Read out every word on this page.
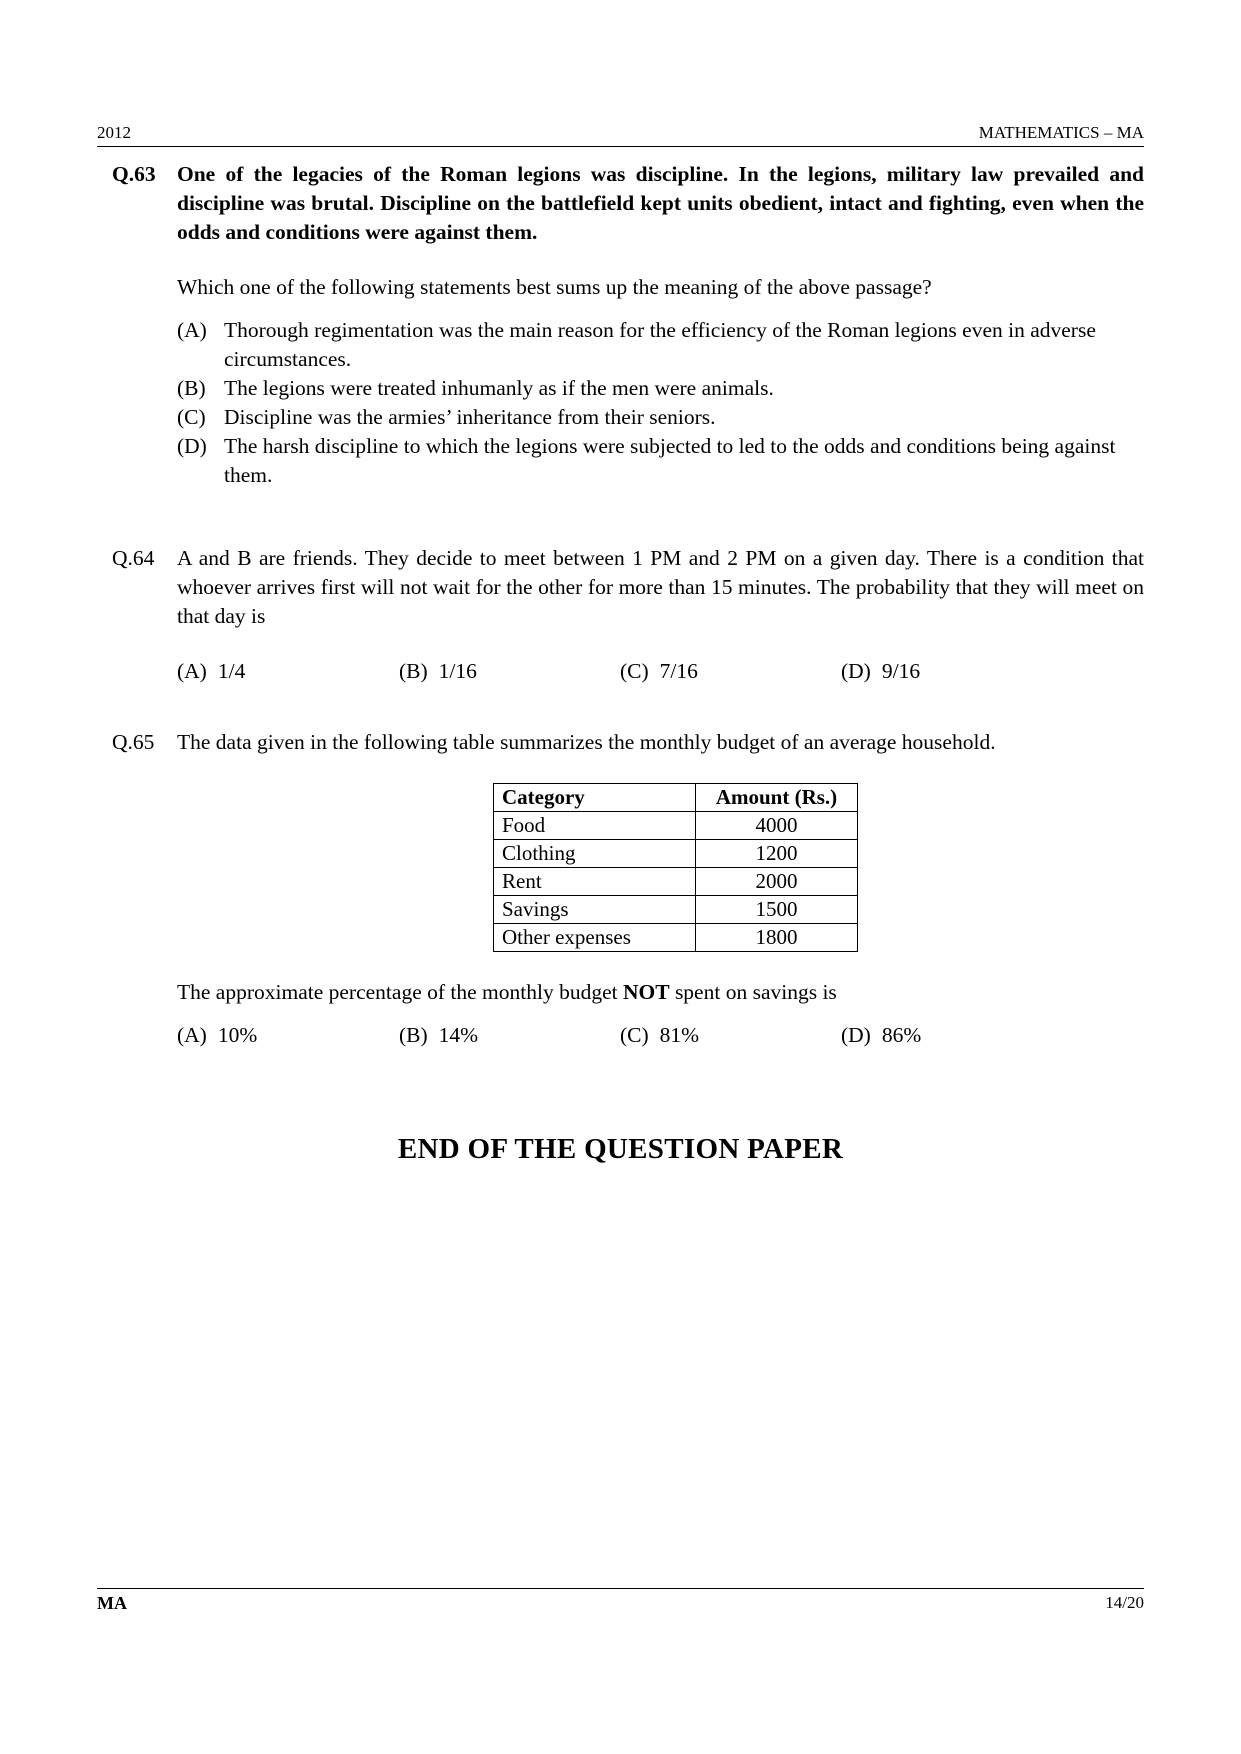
2012	MATHEMATICS – MA
Q.63 One of the legacies of the Roman legions was discipline. In the legions, military law prevailed and discipline was brutal. Discipline on the battlefield kept units obedient, intact and fighting, even when the odds and conditions were against them.
Which one of the following statements best sums up the meaning of the above passage?
(A) Thorough regimentation was the main reason for the efficiency of the Roman legions even in adverse circumstances.
(B) The legions were treated inhumanly as if the men were animals.
(C) Discipline was the armies’ inheritance from their seniors.
(D) The harsh discipline to which the legions were subjected to led to the odds and conditions being against them.
Q.64	A and B are friends. They decide to meet between 1 PM and 2 PM on a given day. There is a condition that whoever arrives first will not wait for the other for more than 15 minutes. The probability that they will meet on that day is
(A) 1/4	(B) 1/16	(C) 7/16	(D) 9/16
Q.65	The data given in the following table summarizes the monthly budget of an average household.
Category	Amount (Rs.)
Food	4000
Clothing	1200
Rent	2000
Savings	1500
Other expenses	1800
The approximate percentage of the monthly budget NOT spent on savings is
(A) 10%	(B) 14%	(C) 81%	(D) 86%
END OF THE QUESTION PAPER
MA	14/20
